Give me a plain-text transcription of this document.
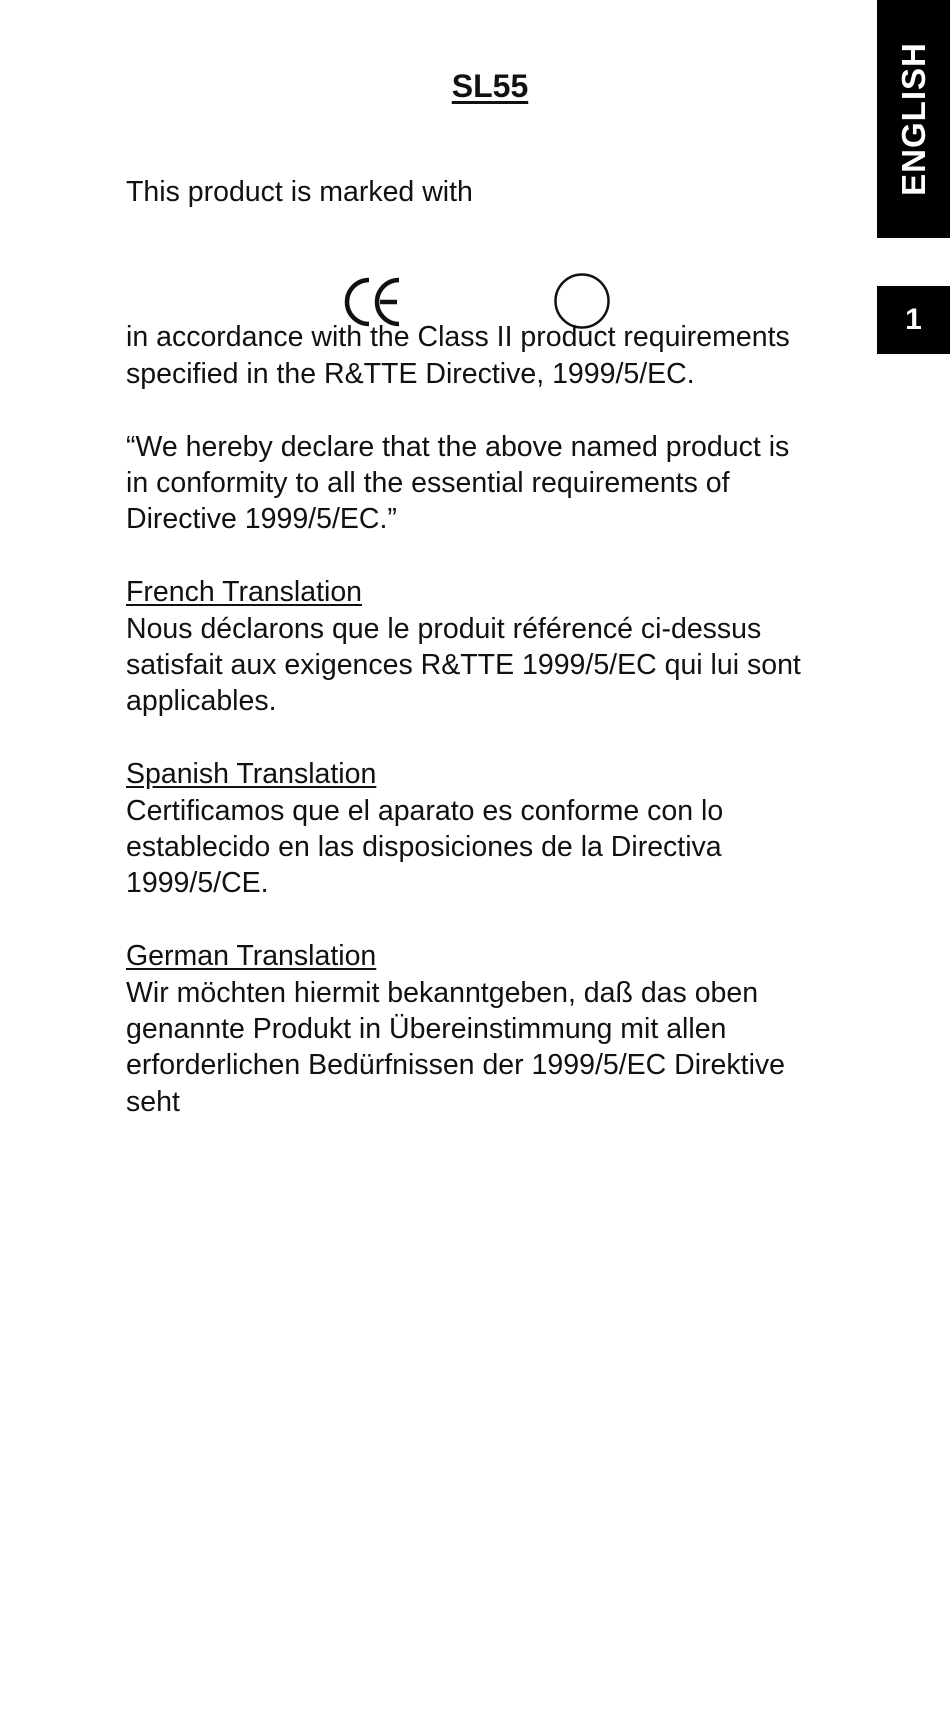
ENGLISH
1
SL55

This product is marked with

in accordance with the Class II product requirements
specified in the R&TTE Directive, 1999/5/EC.

“We hereby declare that the above named product is
in conformity to all the essential requirements of
Directive 1999/5/EC.”

French Translation
Nous déclarons que le produit référencé ci-dessus
satisfait aux exigences R&TTE 1999/5/EC qui lui sont
applicables.

Spanish Translation
Certificamos que el aparato es conforme con lo
establecido en las disposiciones de la Directiva
1999/5/CE.

German Translation
Wir möchten hiermit bekanntgeben, daß das oben
genannte Produkt in Übereinstimmung mit allen
erforderlichen Bedürfnissen der 1999/5/EC Direktive
seht
